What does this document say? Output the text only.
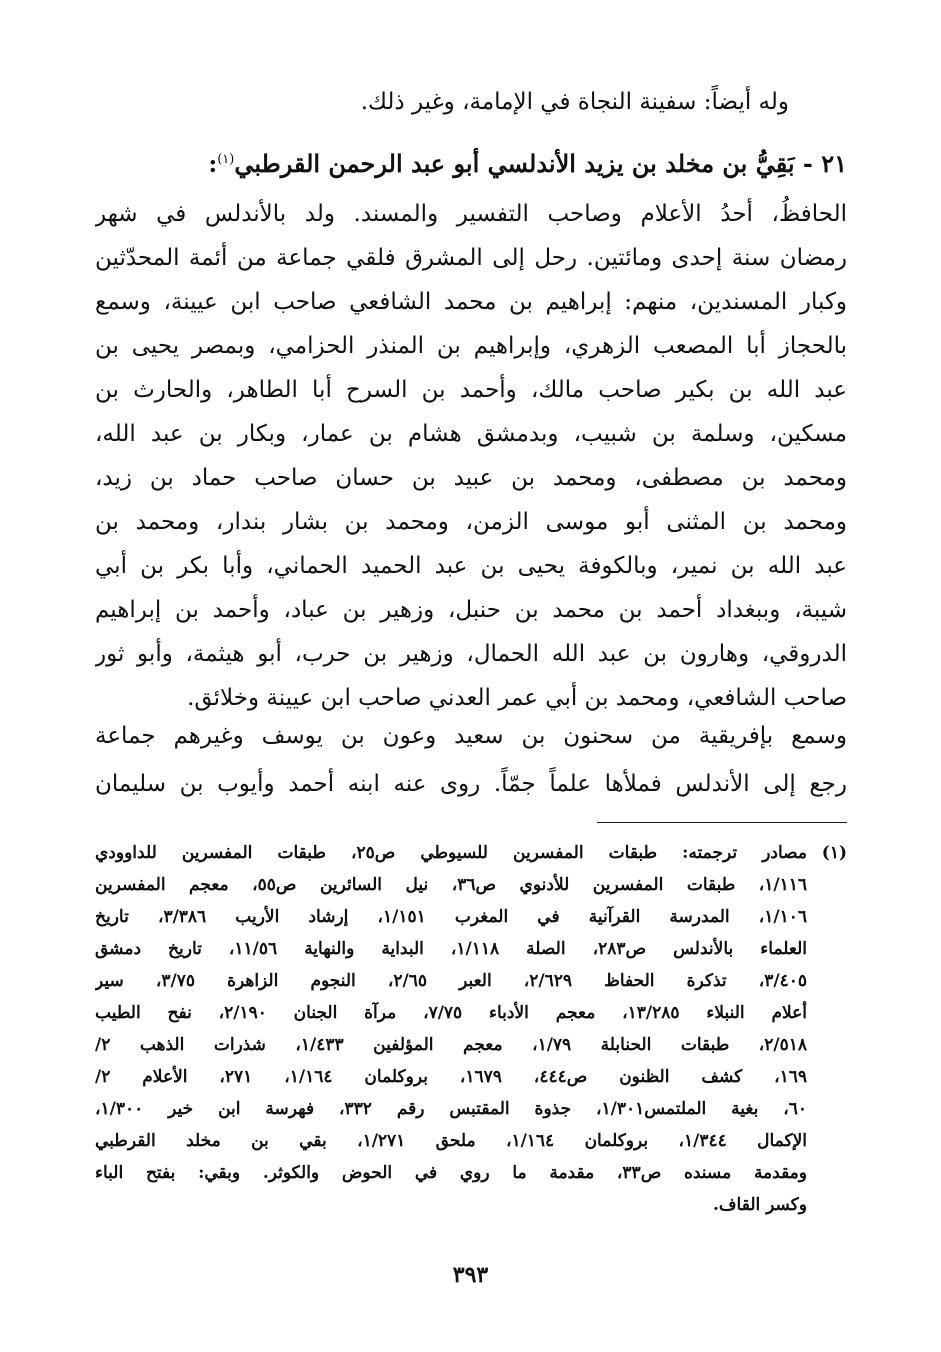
وله أيضاً: سفينة النجاة في الإمامة، وغير ذلك.
٢١ - بَقِيُّ بن مخلد بن يزيد الأندلسي أبو عبد الرحمن القرطبي$^{(١)}$:
الحافظُ، أحدُ الأعلام وصاحب التفسير والمسند. ولد بالأندلس في شهر
رمضان سنة إحدى ومائتين. رحل إلى المشرق فلقي جماعة من أئمة المحدّثين
وكبار المسندين، منهم: إبراهيم بن محمد الشافعي صاحب ابن عيينة، وسمع
بالحجاز أبا المصعب الزهري، وإبراهيم بن المنذر الحزامي، وبمصر يحيى بن
عبد الله بن بكير صاحب مالك، وأحمد بن السرح أبا الطاهر، والحارث بن
مسكين، وسلمة بن شبيب، وبدمشق هشام بن عمار، وبكار بن عبد الله،
ومحمد بن مصطفى، ومحمد بن عبيد بن حسان صاحب حماد بن زيد،
ومحمد بن المثنى أبو موسى الزمن، ومحمد بن بشار بندار، ومحمد بن
عبد الله بن نمير، وبالكوفة يحيى بن عبد الحميد الحماني، وأبا بكر بن أبي
شيبة، وببغداد أحمد بن محمد بن حنبل، وزهير بن عباد، وأحمد بن إبراهيم
الدروقي، وهارون بن عبد الله الحمال، وزهير بن حرب، أبو هيثمة، وأبو ثور
صاحب الشافعي، ومحمد بن أبي عمر العدني صاحب ابن عيينة وخلائق.
(١)
مصادر ترجمته: طبقات المفسرين للسيوطي ص٢٥، طبقات المفسرين للداوودي
١/١١٦، طبقات المفسرين للأدنوي ص٣٦، نيل السائرين ص٥٥، معجم المفسرين
١/١٠٦، المدرسة القرآنية في المغرب ١/١٥١، إرشاد الأريب ٣/٣٨٦، تاريخ
العلماء بالأندلس ص٢٨٣، الصلة ١/١١٨، البداية والنهاية ١١/٥٦، تاريخ دمشق
٣/٤٠٥، تذكرة الحفاظ ٢/٦٢٩، العبر ٢/٦٥، النجوم الزاهرة ٣/٧٥، سير
أعلام النبلاء ١٣/٢٨٥، معجم الأدباء ٧/٧٥، مرآة الجنان ٢/١٩٠، نفح الطيب
٢/٥١٨، طبقات الحنابلة ١/٧٩، معجم المؤلفين ١/٤٣٣، شذرات الذهب ٢/
١٦٩، كشف الظنون ص٤٤٤، ١٦٧٩، بروكلمان ١/١٦٤، ٢٧١، الأعلام ٢/
٦٠، بغية الملتمس١/٣٠١، جذوة المقتبس رقم ٣٣٢، فهرسة ابن خير ١/٣٠٠،
الإكمال ١/٣٤٤، بروكلمان ١/١٦٤، ملحق ١/٢٧١، بقي بن مخلد القرطبي
ومقدمة مسنده ص٣٣، مقدمة ما روي في الحوض والكوثر. وبقي: بفتح الباء
وكسر القاف.
٣٩٣
وسمع بإفريقية من سحنون بن سعيد وعون بن يوسف وغيرهم جماعة
رجع إلى الأندلس فملأها علماً جمّاً. روى عنه ابنه أحمد وأيوب بن سليمان
